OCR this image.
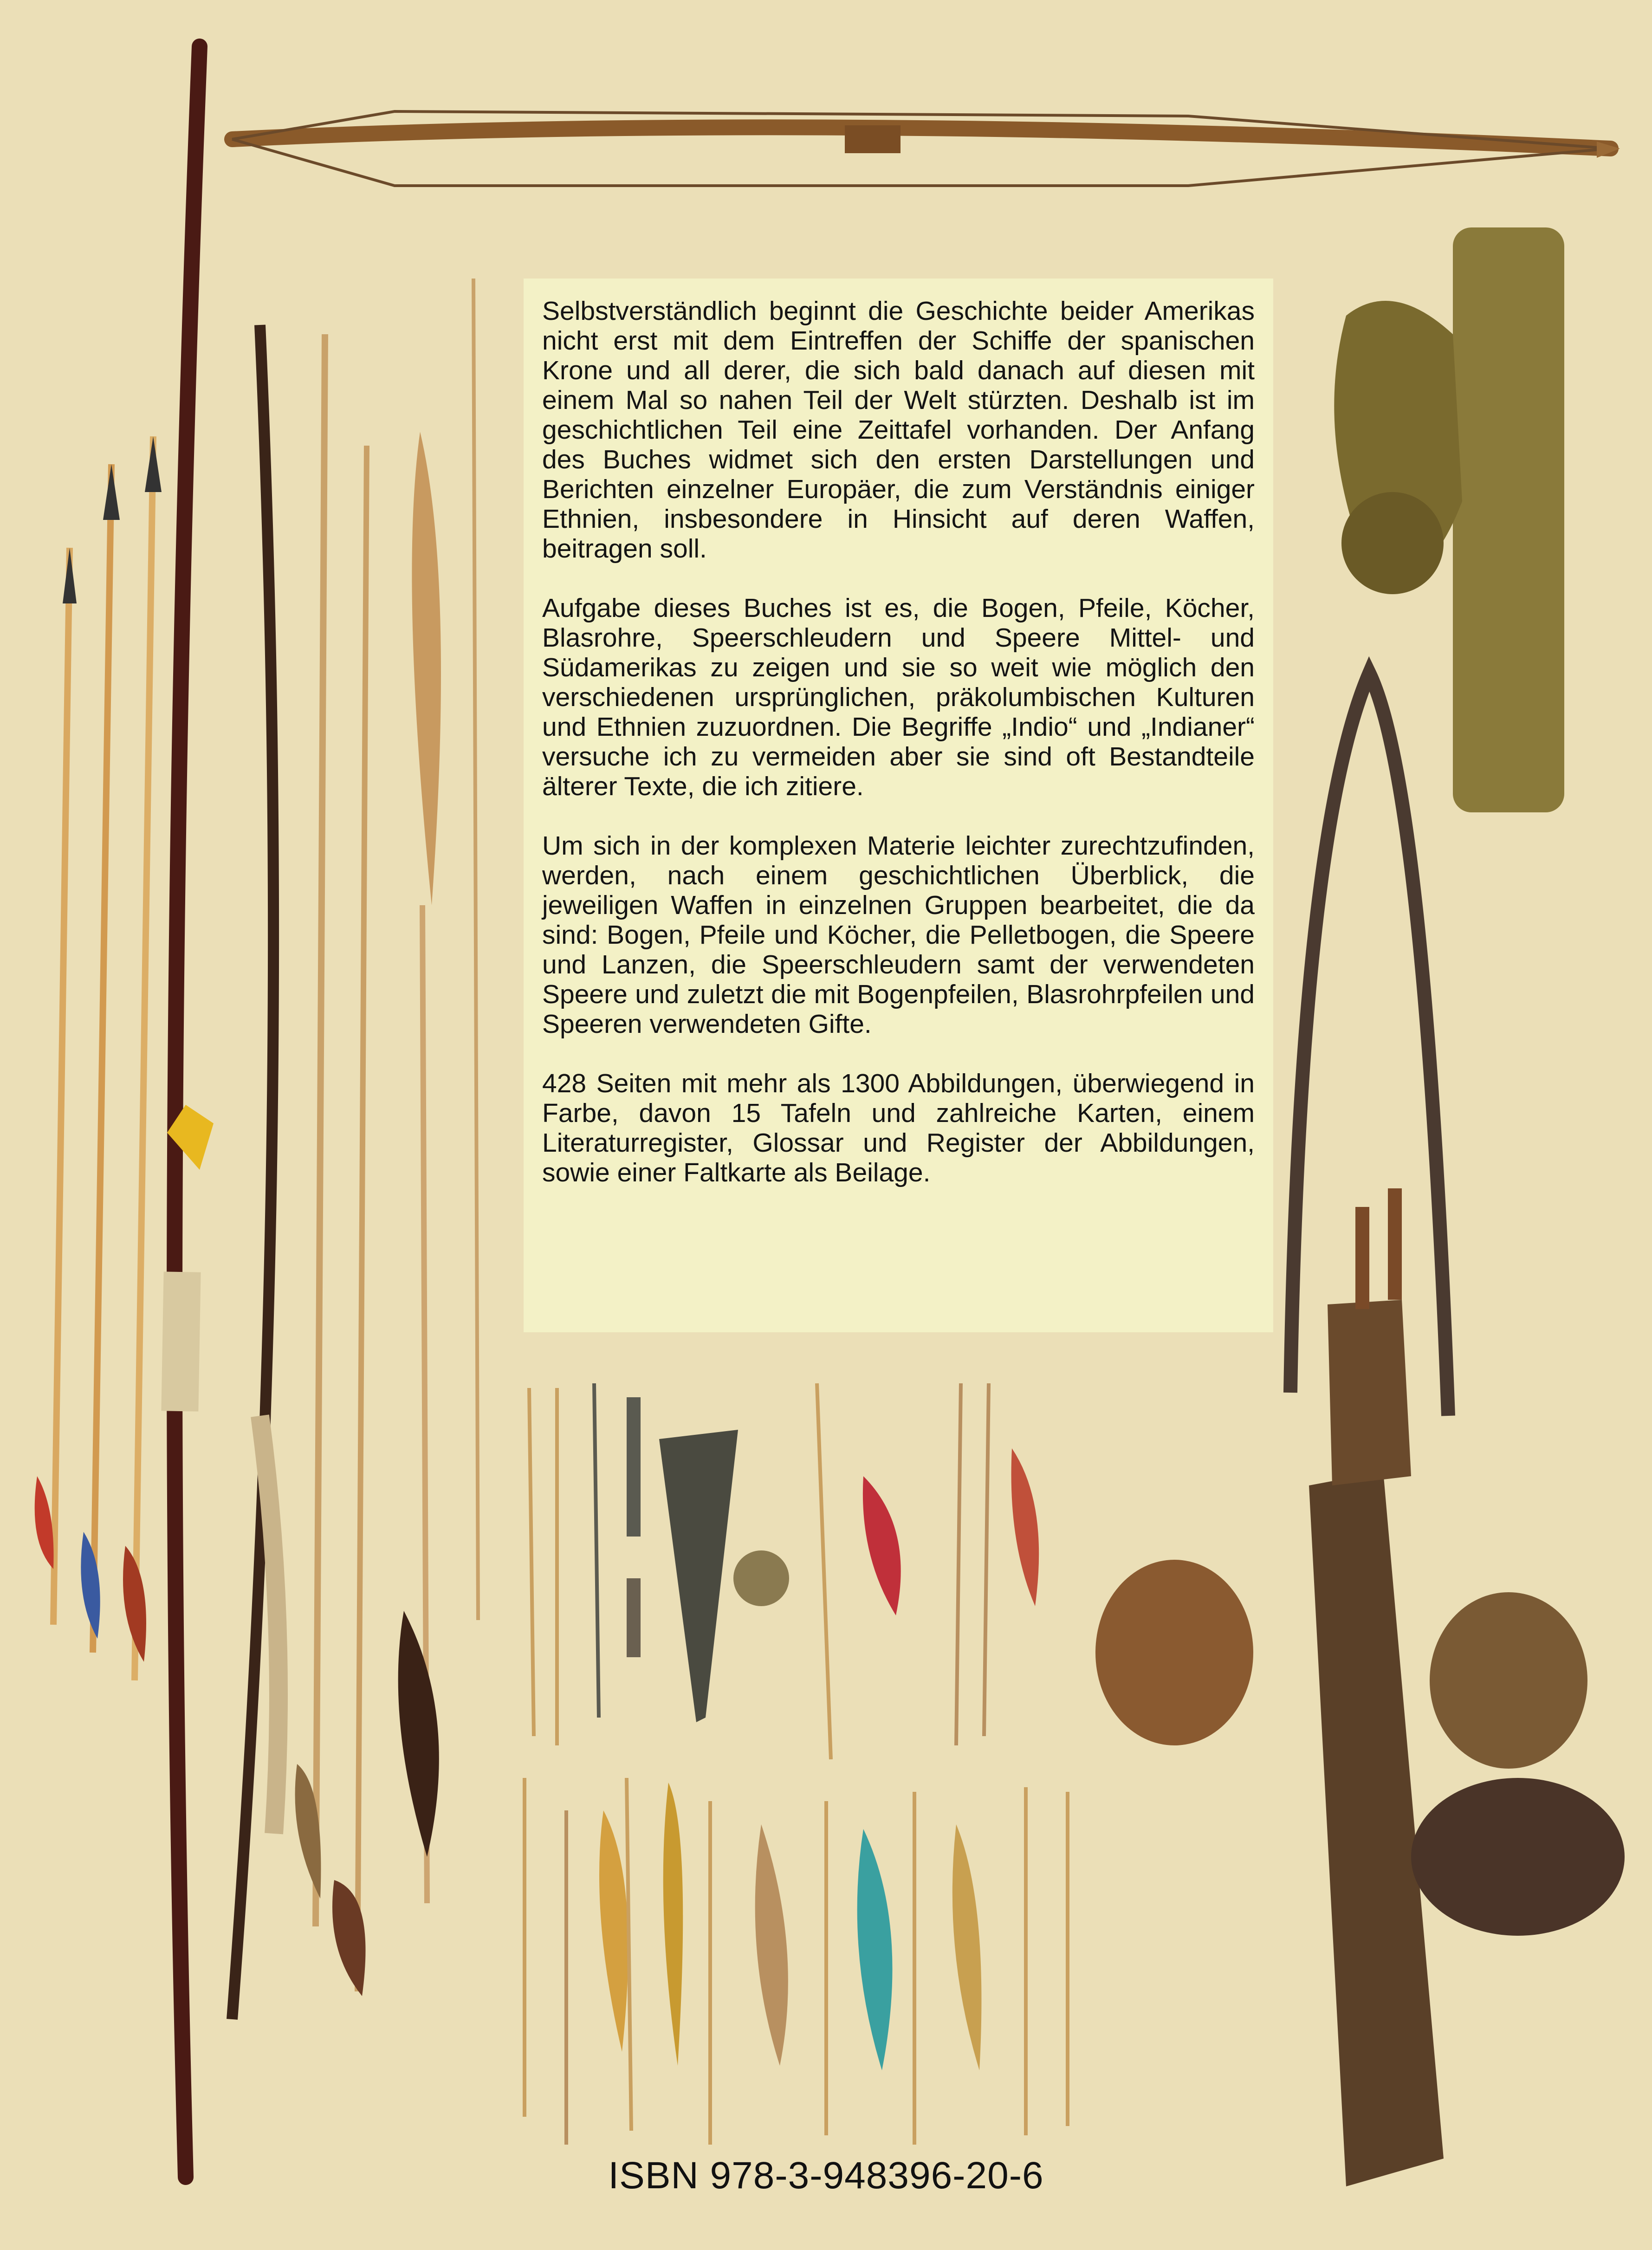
Selbstverständlich beginnt die Geschichte beider Amerikas nicht erst mit dem Eintreffen der Schiffe der spanischen Krone und all derer, die sich bald danach auf diesen mit einem Mal so nahen Teil der Welt stürzten. Deshalb ist im geschichtlichen Teil eine Zeittafel vorhanden. Der Anfang des Buches widmet sich den ersten Darstellungen und Berichten einzelner Europäer, die zum Verständnis einiger Ethnien, insbesondere in Hinsicht auf deren Waffen, beitragen soll.

Aufgabe dieses Buches ist es, die Bogen, Pfeile, Köcher, Blasrohre, Speerschleudern und Speere Mittel- und Südamerikas zu zeigen und sie so weit wie möglich den verschiedenen ursprünglichen, präkolumbischen Kulturen und Ethnien zuzuordnen. Die Begriffe „Indio“ und „Indianer“ versuche ich zu vermeiden aber sie sind oft Bestandteile älterer Texte, die ich zitiere.

Um sich in der komplexen Materie leichter zurechtzufinden, werden, nach einem geschichtlichen Überblick, die jeweiligen Waffen in einzelnen Gruppen bearbeitet, die da sind: Bogen, Pfeile und Köcher, die Pelletbogen, die Speere und Lanzen, die Speerschleudern samt der verwendeten Speere und zuletzt die mit Bogenpfeilen, Blasrohrpfeilen und Speeren verwendeten Gifte.

428 Seiten mit mehr als 1300 Abbildungen, überwiegend in Farbe, davon 15 Tafeln und zahlreiche Karten, einem Literaturregister, Glossar und Register der Abbildungen, sowie einer Faltkarte als Beilage.

ISBN 978-3-948396-20-6
